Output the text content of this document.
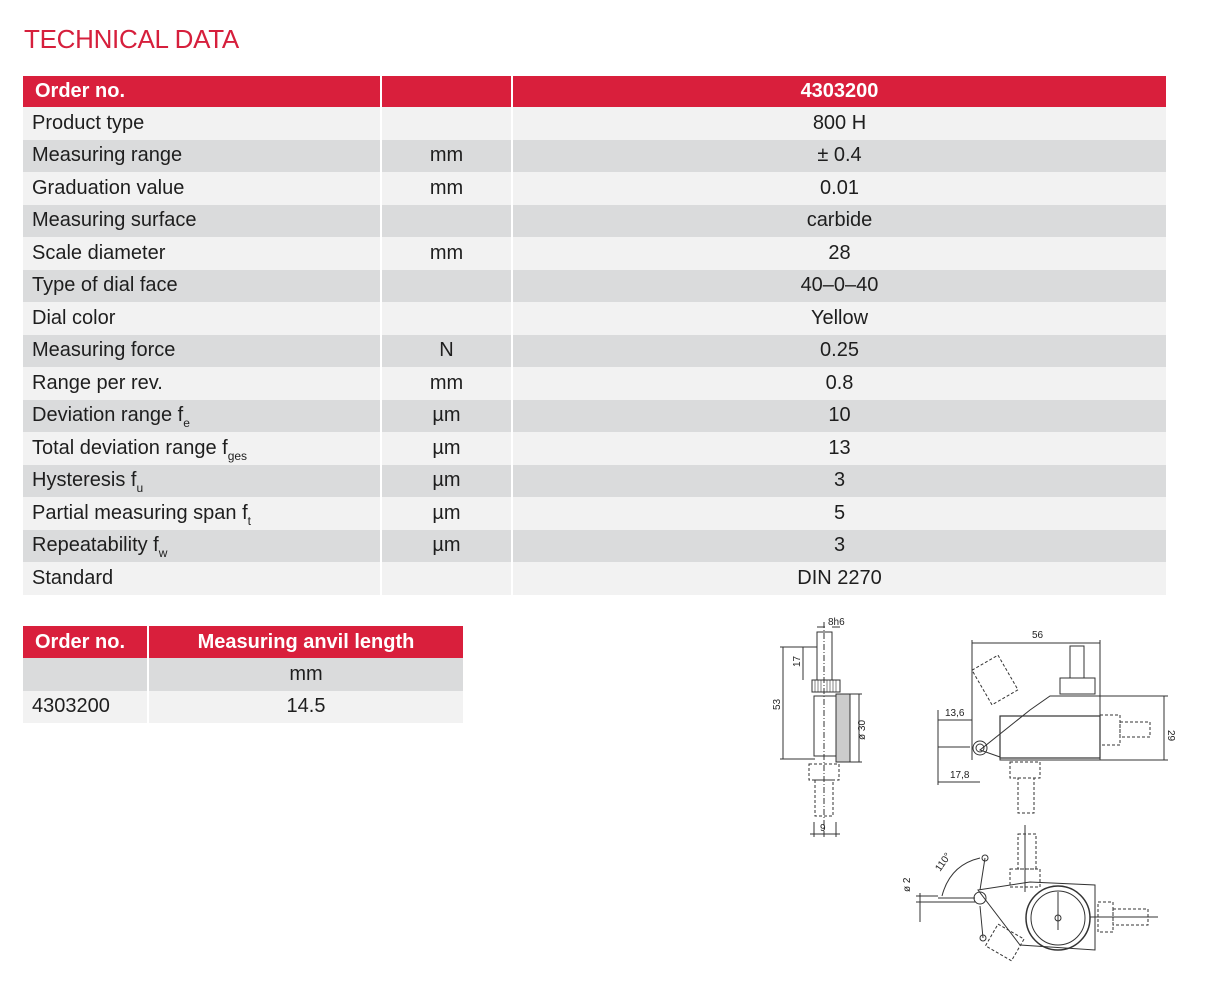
TECHNICAL DATA
Order no.		4303200
Product type		800 H
Measuring range	mm	± 0.4
Graduation value	mm	0.01
Measuring surface		carbide
Scale diameter	mm	28
Type of dial face		40–0–40
Dial color		Yellow
Measuring force	N	0.25
Range per rev.	mm	0.8
Deviation range $f_e$	µm	10
Total deviation range $f_{ges}$	µm	13
Hysteresis $f_u$	µm	3
Partial measuring span $f_t$	µm	5
Repeatability $f_w$	µm	3
Standard		DIN 2270
Order no.	Measuring anvil length
	mm
4303200	14.5
8h6
17
53
ø 30
9
56
13,6
17,8
29
ø 2
110°
